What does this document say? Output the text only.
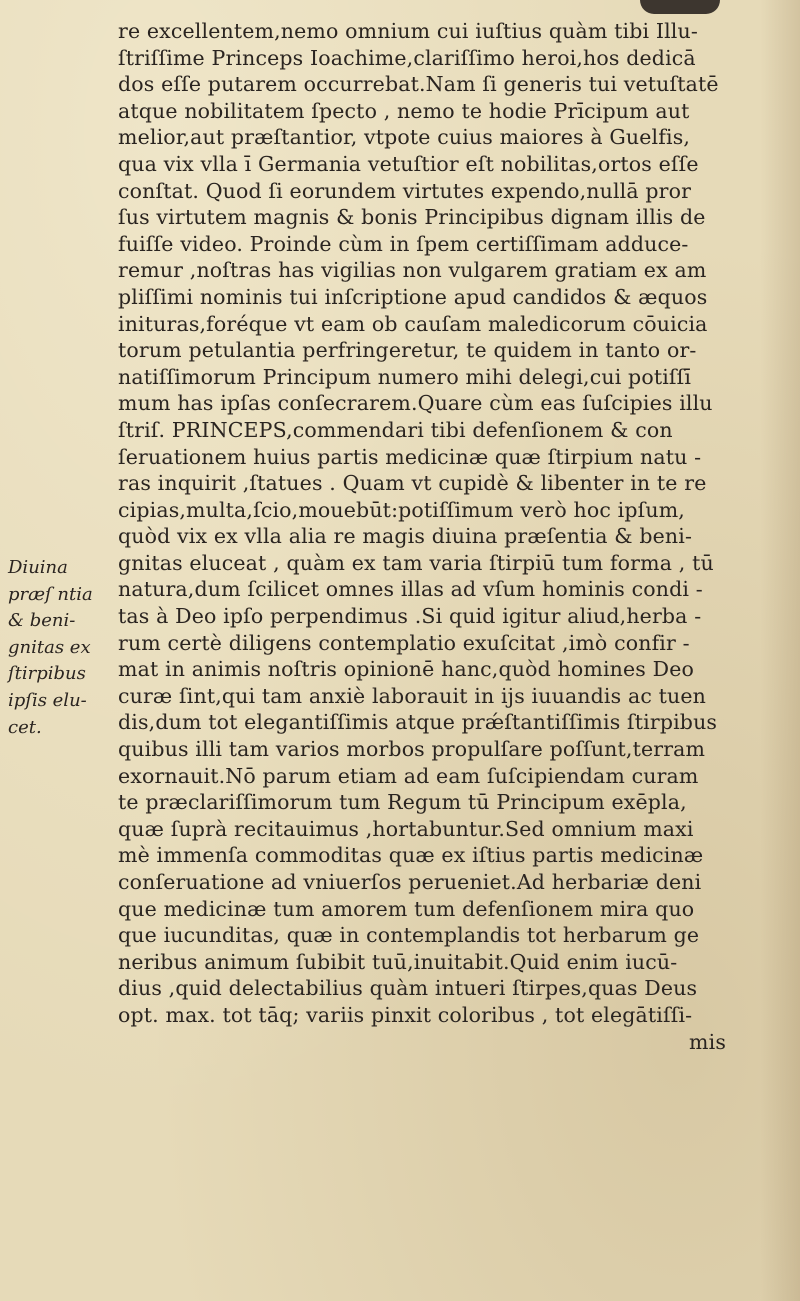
Diuina
præſ ntia
& beni-
gnitas ex
ſtirpibus
ipſis elu-
cet.
re excellentem,nemo omnium cui iuſtius quàm tibi Illu-
ſtriſſime Princeps Ioachime,clariſſimo heroi,hos dedicā
dos eſſe putarem occurrebat.Nam ſi generis tui vetuſtatē
atque nobilitatem ſpecto , nemo te hodie Prīcipum aut
melior,aut præſtantior, vtpote cuius maiores à Guelfis,
qua vix vlla ī Germania vetuſtior eſt nobilitas,ortos eſſe
conſtat. Quod ſi eorundem virtutes expendo,nullā pror
ſus virtutem magnis & bonis Principibus dignam illis de
fuiſſe video. Proinde cùm in ſpem certiſſimam adduce-
remur ,noſtras has vigilias non vulgarem gratiam ex am
pliſſimi nominis tui inſcriptione apud candidos & æquos
inituras,foréque vt eam ob cauſam maledicorum cōuicia
torum petulantia perfringeretur, te quidem in tanto or-
natiſſimorum Principum numero mihi delegi,cui potiſſī
mum has ipſas conſecrarem.Quare cùm eas ſuſcipies illu
ſtriſ. PRINCEPS,commendari tibi defenſionem & con
ſeruationem huius partis medicinæ quæ ſtirpium natu -
ras inquirit ,ſtatues . Quam vt cupidè & libenter in te re
cipias,multa,ſcio,mouebūt:potiſſimum verò hoc ipſum,
quòd vix ex vlla alia re magis diuina præſentia & beni-
gnitas eluceat , quàm ex tam varia ſtirpiū tum forma , tū
natura,dum ſcilicet omnes illas ad vſum hominis condi -
tas à Deo ipſo perpendimus .Si quid igitur aliud,herba -
rum certè diligens contemplatio exuſcitat ,imò confir -
mat in animis noſtris opinionē hanc,quòd homines Deo
curæ ſint,qui tam anxiè laborauit in ijs iuuandis ac tuen
dis,dum tot elegantiſſimis atque prǽſtantiſſimis ſtirpibus
quibus illi tam varios morbos propulſare poſſunt,terram
exornauit.Nō parum etiam ad eam ſuſcipiendam curam
te præclariſſimorum tum Regum tū Principum exēpla,
quæ ſuprà recitauimus ,hortabuntur.Sed omnium maxi
mè immenſa commoditas quæ ex iſtius partis medicinæ
conſeruatione ad vniuerſos perueniet.Ad herbariæ deni
que medicinæ tum amorem tum defenſionem mira quo
que iucunditas, quæ in contemplandis tot herbarum ge
neribus animum ſubibit tuū,inuitabit.Quid enim iucū-
dius ,quid delectabilius quàm intueri ſtirpes,quas Deus
opt. max. tot tāq; variis pinxit coloribus , tot elegātiſſi-
mis
